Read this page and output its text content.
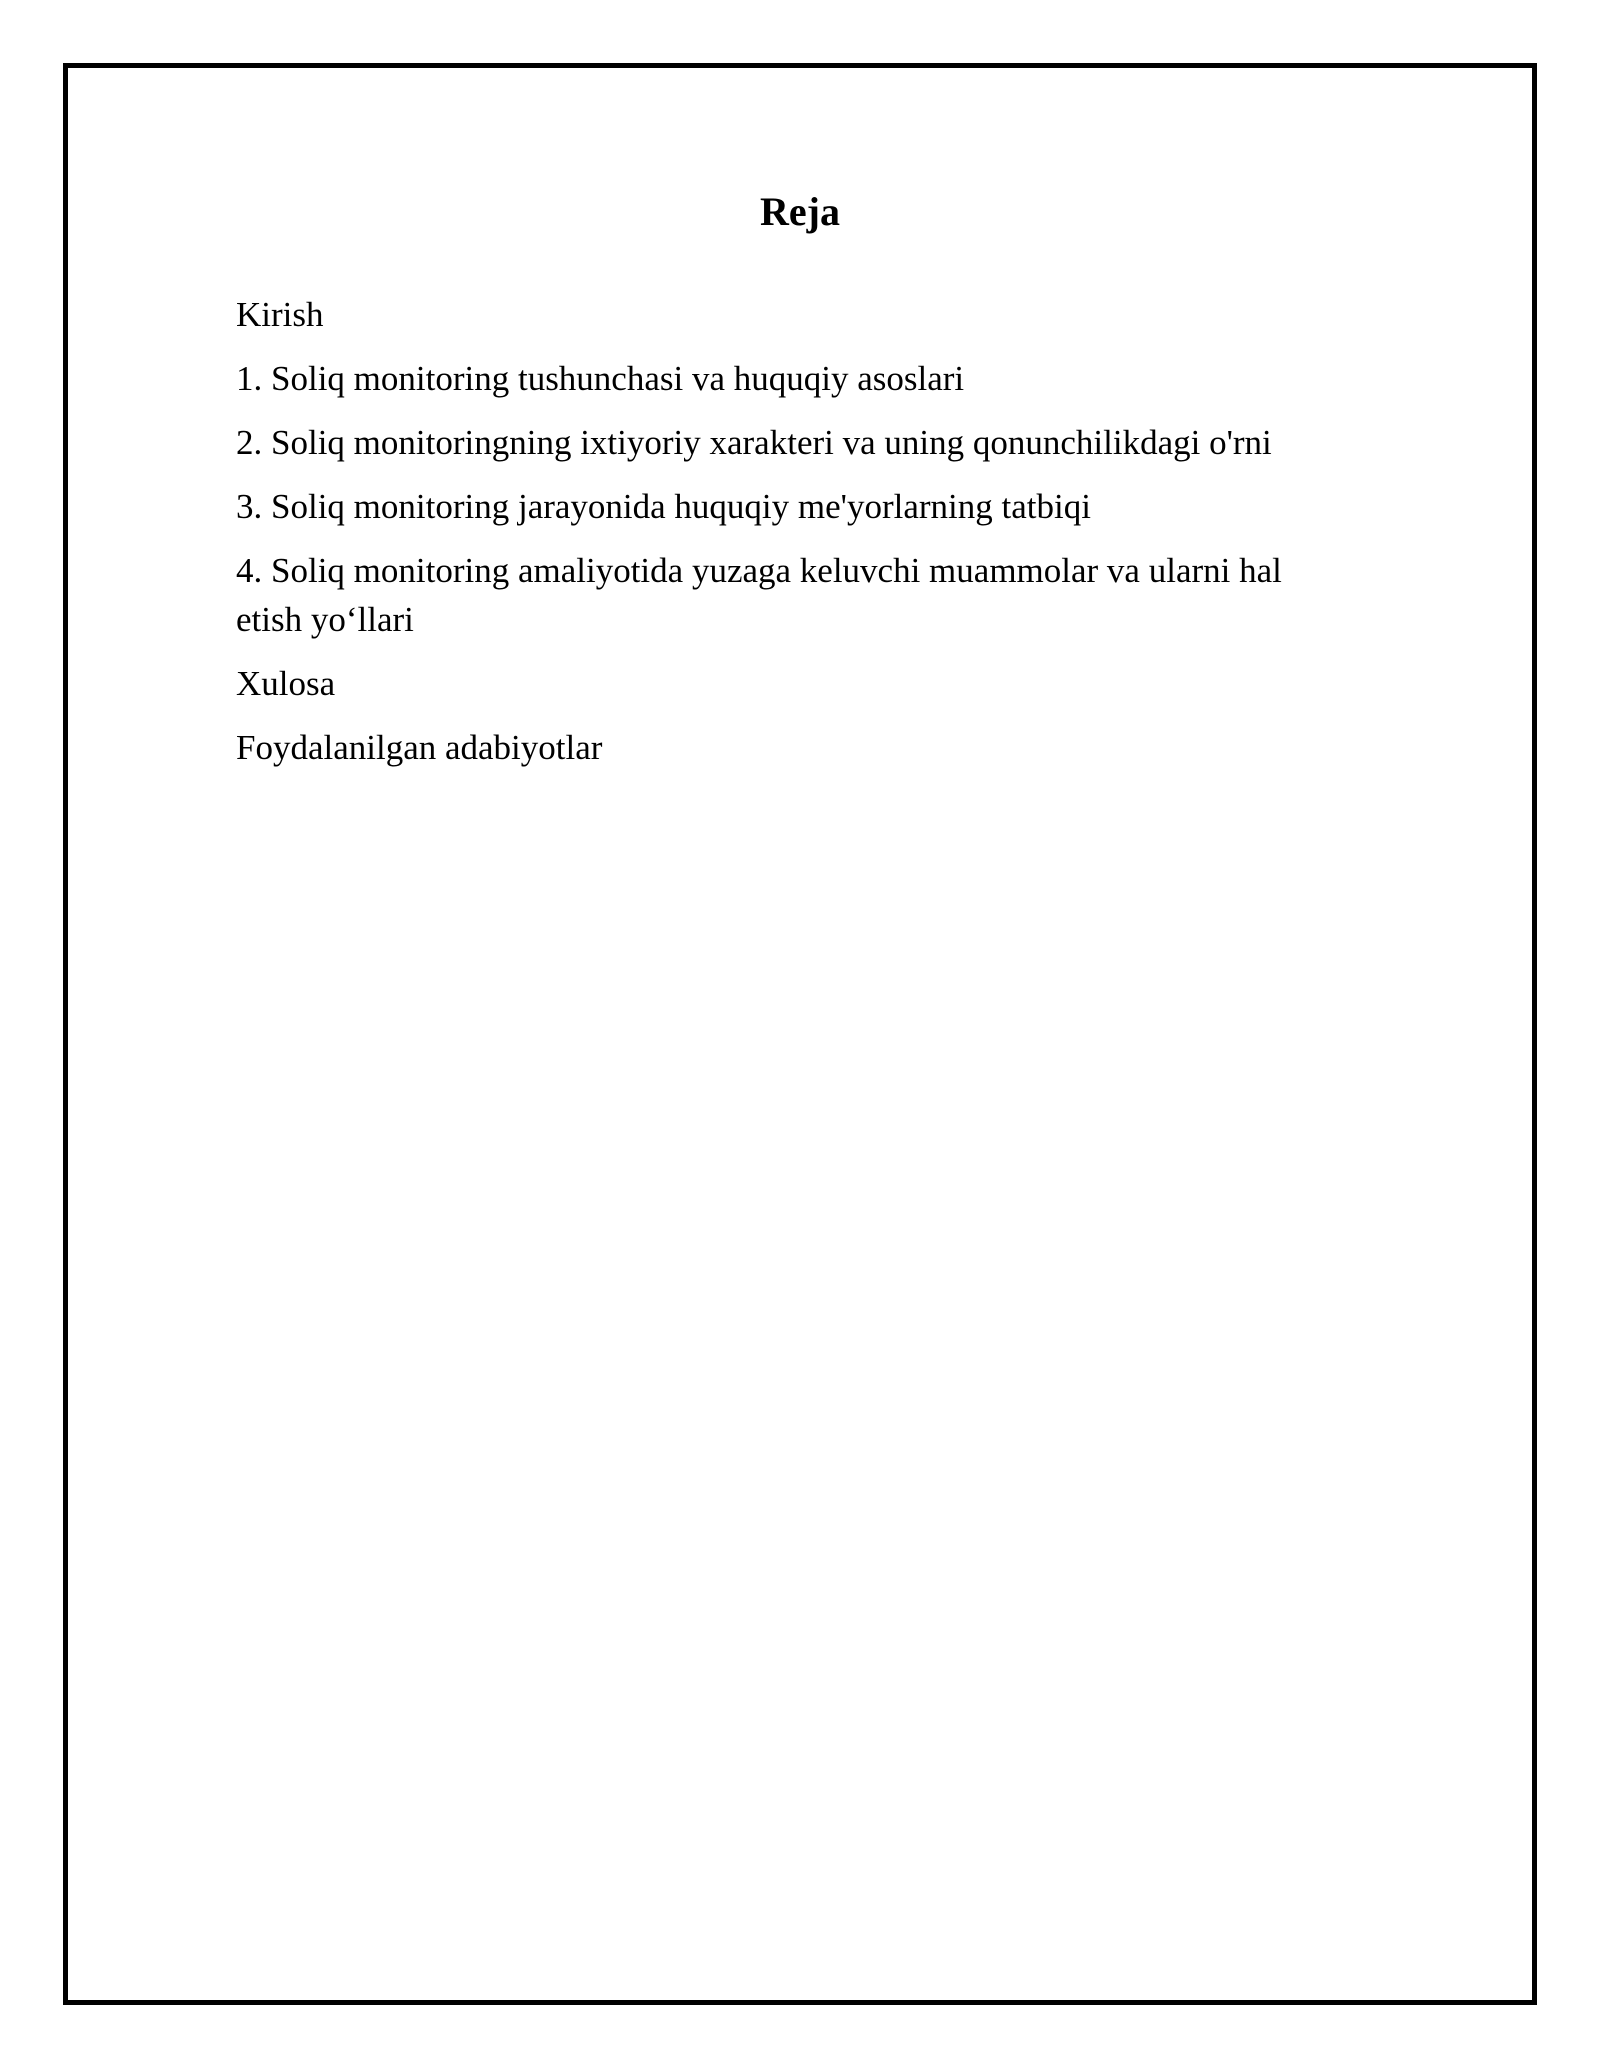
Reja
Kirish
1. Soliq monitoring tushunchasi va huquqiy asoslari
2. Soliq monitoringning ixtiyoriy xarakteri va uning qonunchilikdagi o'rni
3. Soliq monitoring jarayonida huquqiy me'yorlarning tatbiqi
4. Soliq monitoring amaliyotida yuzaga keluvchi muammolar va ularni hal etish yo‘llari
Xulosa
Foydalanilgan adabiyotlar
